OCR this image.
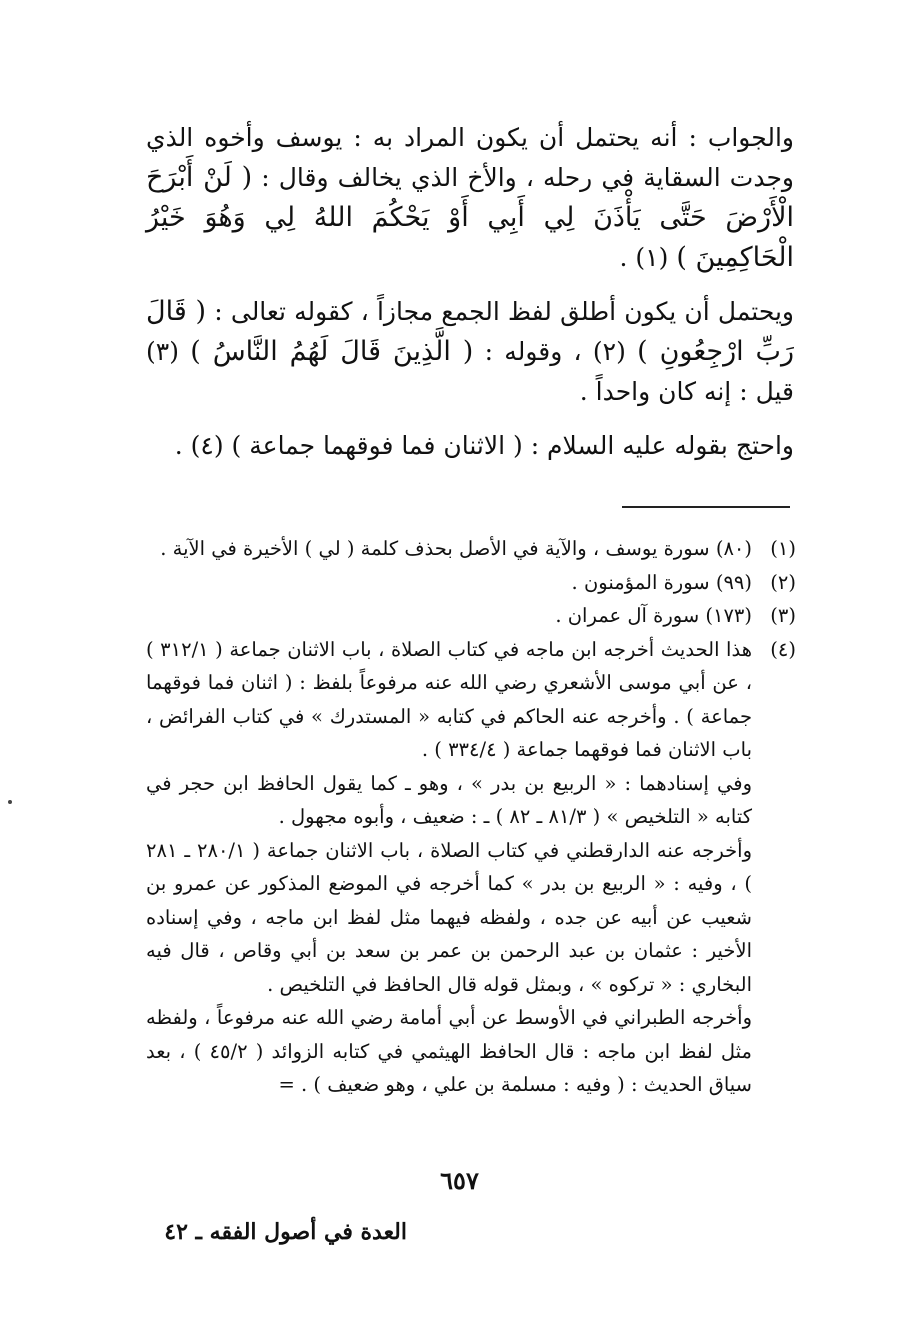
والجواب : أنه يحتمل أن يكون المراد به : يوسف وأخوه الذي وجدت السقاية في رحله ، والأخ الذي يخالف وقال : ( لَنْ أَبْرَحَ الْأَرْضَ حَتَّى يَأْذَنَ لِي أَبِي أَوْ يَحْكُمَ اللهُ لِي وَهُوَ خَيْرُ الْحَاكِمِينَ ) (١) .

ويحتمل أن يكون أطلق لفظ الجمع مجازاً ، كقوله تعالى : ( قَالَ رَبِّ ارْجِعُونِ ) (٢) ، وقوله : ( الَّذِينَ قَالَ لَهُمُ النَّاسُ ) (٣) قيل : إنه كان واحداً .

واحتج بقوله عليه السلام : ( الاثنان فما فوقهما جماعة ) (٤) .

(١)
(٨٠) سورة يوسف ، والآية في الأصل بحذف كلمة ( لي ) الأخيرة في الآية .
(٢)
(٩٩) سورة المؤمنون .
(٣)
(١٧٣) سورة آل عمران .
(٤)
هذا الحديث أخرجه ابن ماجه في كتاب الصلاة ، باب الاثنان جماعة ( ٣١٢/١ ) ، عن أبي موسى الأشعري رضي الله عنه مرفوعاً بلفظ : ( اثنان فما فوقهما جماعة ) . وأخرجه عنه الحاكم في كتابه « المستدرك » في كتاب الفرائض ، باب الاثنان فما فوقهما جماعة ( ٣٣٤/٤ ) .

وفي إسنادهما : « الربيع بن بدر » ، وهو ـ كما يقول الحافظ ابن حجر في كتابه « التلخيص » ( ٨١/٣ ـ ٨٢ ) ـ : ضعيف ، وأبوه مجهول .

وأخرجه عنه الدارقطني في كتاب الصلاة ، باب الاثنان جماعة ( ٢٨٠/١ ـ ٢٨١ ) ، وفيه : « الربيع بن بدر » كما أخرجه في الموضع المذكور عن عمرو بن شعيب عن أبيه عن جده ، ولفظه فيهما مثل لفظ ابن ماجه ، وفي إسناده الأخير : عثمان بن عبد الرحمن بن عمر بن سعد بن أبي وقاص ، قال فيه البخاري : « تركوه » ، وبمثل قوله قال الحافظ في التلخيص .

وأخرجه الطبراني في الأوسط عن أبي أمامة رضي الله عنه مرفوعاً ، ولفظه مثل لفظ ابن ماجه : قال الحافظ الهيثمي في كتابه الزوائد ( ٤٥/٢ ) ، بعد سياق الحديث : ( وفيه : مسلمة بن علي ، وهو ضعيف ) . =

٦٥٧
العدة في أصول الفقه ـ ٤٢
